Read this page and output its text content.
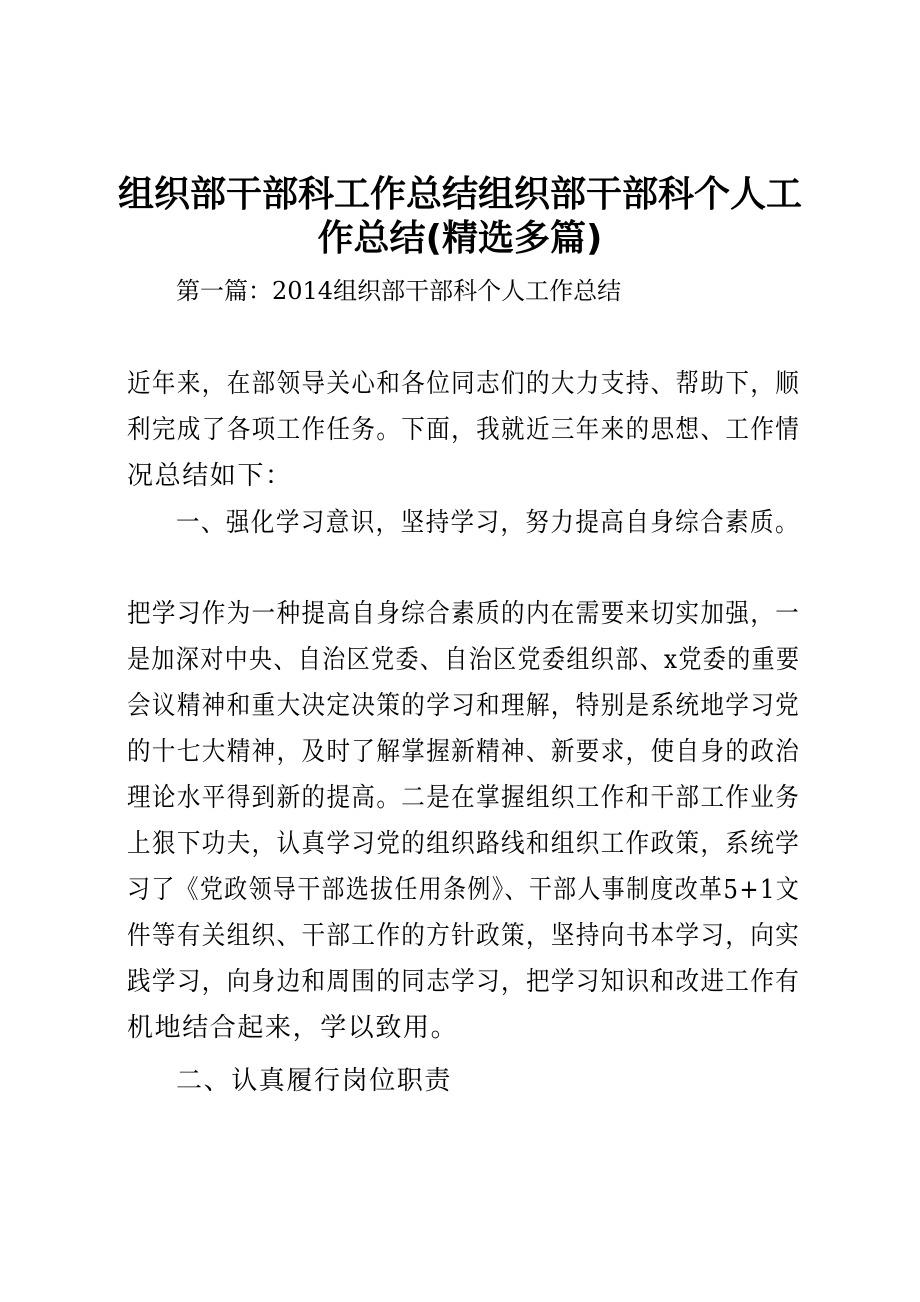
组织部干部科工作总结组织部干部科个人工
作总结(精选多篇)

第一篇：2014组织部干部科个人工作总结

近年来，在部领导关心和各位同志们的大力支持、帮助下，顺

利完成了各项工作任务。下面，我就近三年来的思想、工作情

况总结如下：

一、强化学习意识，坚持学习，努力提高自身综合素质。

把学习作为一种提高自身综合素质的内在需要来切实加强，一

是加深对中央、自治区党委、自治区党委组织部、x党委的重要

会议精神和重大决定决策的学习和理解，特别是系统地学习党

的十七大精神，及时了解掌握新精神、新要求，使自身的政治

理论水平得到新的提高。二是在掌握组织工作和干部工作业务

上狠下功夫，认真学习党的组织路线和组织工作政策，系统学

习了《党政领导干部选拔任用条例》、干部人事制度改革5+1文

件等有关组织、干部工作的方针政策，坚持向书本学习，向实

践学习，向身边和周围的同志学习，把学习知识和改进工作有

机地结合起来，学以致用。

二、认真履行岗位职责
